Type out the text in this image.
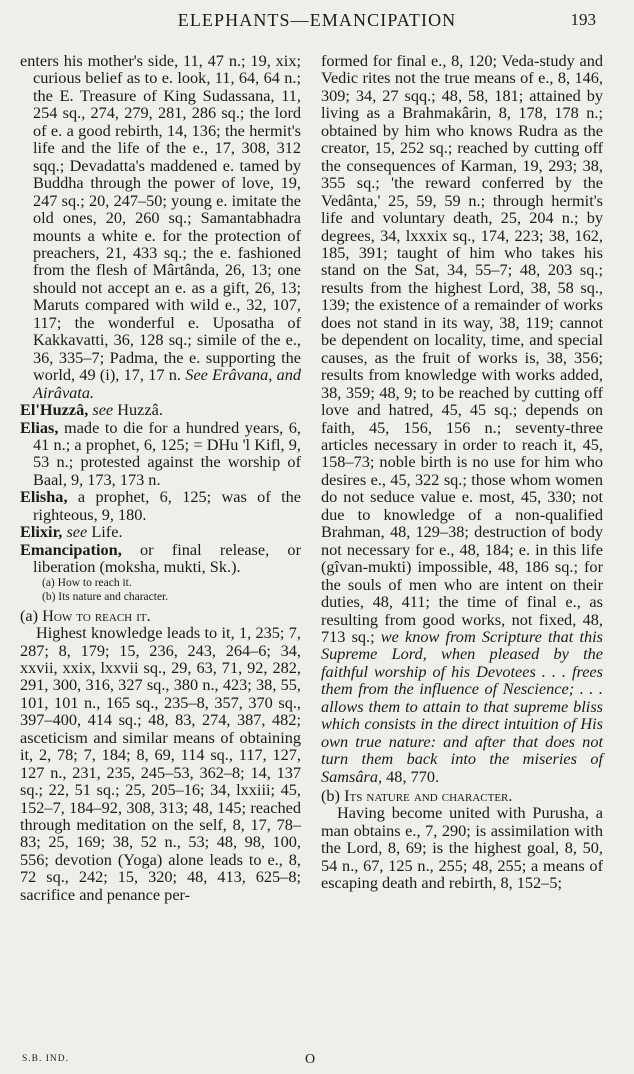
ELEPHANTS—EMANCIPATION	193

enters his mother's side, 11, 47 n.; 19, xix; curious belief as to e. look, 11, 64, 64 n.; the E. Treasure of King Sudassana, 11, 254 sq., 274, 279, 281, 286 sq.; the lord of e. a good rebirth, 14, 136; the hermit's life and the life of the e., 17, 308, 312 sqq.; Devadatta's maddened e. tamed by Buddha through the power of love, 19, 247 sq.; 20, 247–50; young e. imitate the old ones, 20, 260 sq.; Samantabhadra mounts a white e. for the protection of preachers, 21, 433 sq.; the e. fashioned from the flesh of Mârtânda, 26, 13; one should not accept an e. as a gift, 26, 13; Maruts compared with wild e., 32, 107, 117; the wonderful e. Uposatha of Kakkavatti, 36, 128 sq.; simile of the e., 36, 335–7; Padma, the e. supporting the world, 49 (i), 17, 17 n. See Erâvana, and Airâvata.

El'Huzzâ, see Huzzâ.

Elias, made to die for a hundred years, 6, 41 n.; a prophet, 6, 125; = DHu 'l Kifl, 9, 53 n.; protested against the worship of Baal, 9, 173, 173 n.

Elisha, a prophet, 6, 125; was of the righteous, 9, 180.

Elixir, see Life.

Emancipation, or final release, or liberation (moksha, mukti, Sk.).

(a) How to reach it.

(b) Its nature and character.

(a) How to reach it.

Highest knowledge leads to it, 1, 235; 7, 287; 8, 179; 15, 236, 243, 264–6; 34, xxvii, xxix, lxxvii sq., 29, 63, 71, 92, 282, 291, 300, 316, 327 sq., 380 n., 423; 38, 55, 101, 101 n., 165 sq., 235–8, 357, 370 sq., 397–400, 414 sq.; 48, 83, 274, 387, 482; asceticism and similar means of obtaining it, 2, 78; 7, 184; 8, 69, 114 sq., 117, 127, 127 n., 231, 235, 245–53, 362–8; 14, 137 sq.; 22, 51 sq.; 25, 205–16; 34, lxxiii; 45, 152–7, 184–92, 308, 313; 48, 145; reached through meditation on the self, 8, 17, 78–83; 25, 169; 38, 52 n., 53; 48, 98, 100, 556; devotion (Yoga) alone leads to e., 8, 72 sq., 242; 15, 320; 48, 413, 625–8; sacrifice and penance per-

formed for final e., 8, 120; Veda-study and Vedic rites not the true means of e., 8, 146, 309; 34, 27 sqq.; 48, 58, 181; attained by living as a Brahmakârin, 8, 178, 178 n.; obtained by him who knows Rudra as the creator, 15, 252 sq.; reached by cutting off the consequences of Karman, 19, 293; 38, 355 sq.; 'the reward conferred by the Vedânta,' 25, 59, 59 n.; through hermit's life and voluntary death, 25, 204 n.; by degrees, 34, lxxxix sq., 174, 223; 38, 162, 185, 391; taught of him who takes his stand on the Sat, 34, 55–7; 48, 203 sq.; results from the highest Lord, 38, 58 sq., 139; the existence of a remainder of works does not stand in its way, 38, 119; cannot be dependent on locality, time, and special causes, as the fruit of works is, 38, 356; results from knowledge with works added, 38, 359; 48, 9; to be reached by cutting off love and hatred, 45, 45 sq.; depends on faith, 45, 156, 156 n.; seventy-three articles necessary in order to reach it, 45, 158–73; noble birth is no use for him who desires e., 45, 322 sq.; those whom women do not seduce value e. most, 45, 330; not due to knowledge of a non-qualified Brahman, 48, 129–38; destruction of body not necessary for e., 48, 184; e. in this life (gîvan-mukti) impossible, 48, 186 sq.; for the souls of men who are intent on their duties, 48, 411; the time of final e., as resulting from good works, not fixed, 48, 713 sq.; we know from Scripture that this Supreme Lord, when pleased by the faithful worship of his Devotees . . . frees them from the influence of Nescience; . . . allows them to attain to that supreme bliss which consists in the direct intuition of His own true nature: and after that does not turn them back into the miseries of Samsâra, 48, 770.

(b) Its nature and character.

Having become united with Purusha, a man obtains e., 7, 290; is assimilation with the Lord, 8, 69; is the highest goal, 8, 50, 54 n., 67, 125 n., 255; 48, 255; a means of escaping death and rebirth, 8, 152–5;

S.B. IND.	O
